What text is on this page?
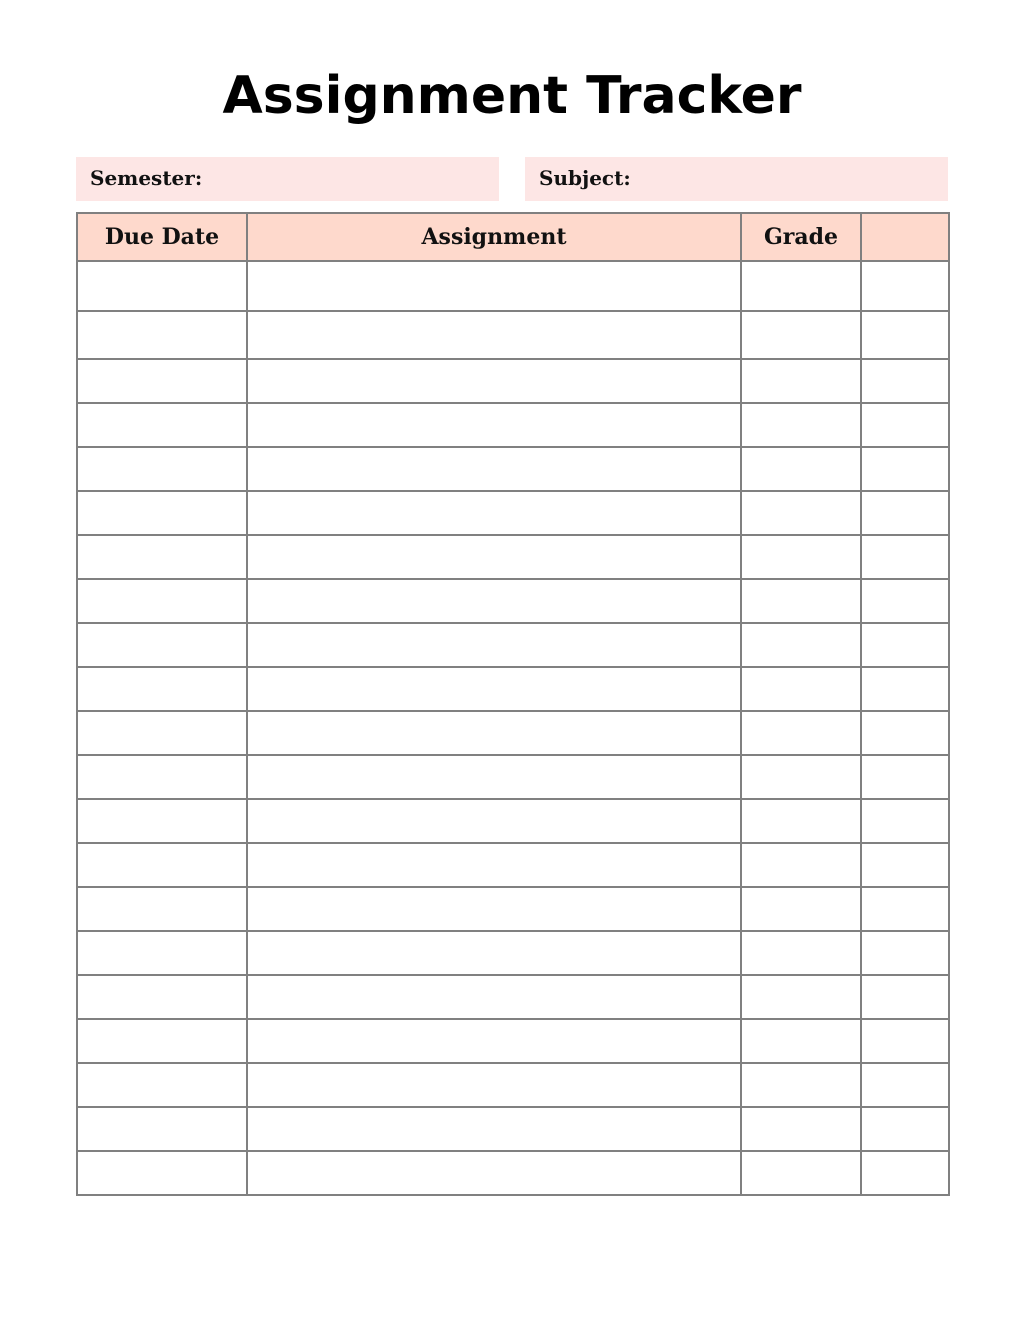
Assignment Tracker
Semester:	Subject:
Due Date	Assignment	Grade	
